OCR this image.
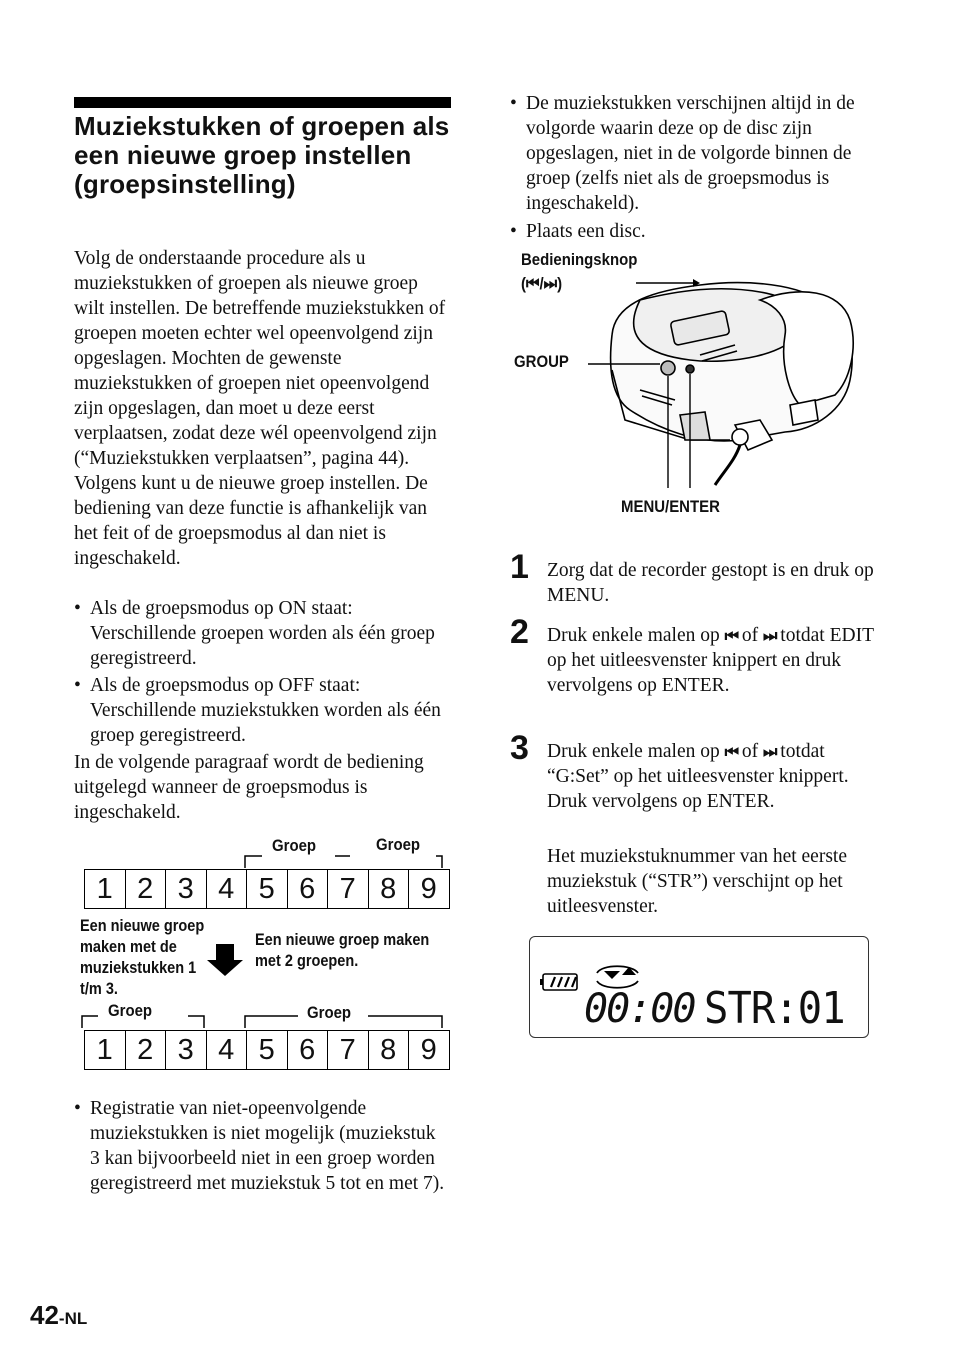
Muziekstukken of groepen als een nieuwe groep instellen (groepsinstelling)
Volg de onderstaande procedure als u muziekstukken of groepen als nieuwe groep wilt instellen. De betreffende muziekstukken of groepen moeten echter wel opeenvolgend zijn opgeslagen. Mochten de gewenste muziekstukken of groepen niet opeenvolgend zijn opgeslagen, dan moet u deze eerst verplaatsen, zodat deze wél opeenvolgend zijn (“Muziekstukken verplaatsen”, pagina 44). Volgens kunt u de nieuwe groep instellen. De bediening van deze functie is afhankelijk van het feit of de groepsmodus al dan niet is ingeschakeld.
• Als de groepsmodus op ON staat: Verschillende groepen worden als één groep geregistreerd.
• Als de groepsmodus op OFF staat: Verschillende muziekstukken worden als één groep geregistreerd.
In de volgende paragraaf wordt de bediening uitgelegd wanneer de groepsmodus is ingeschakeld.
Groep	Groep
1 2 3 4 5 6 7 8 9
Een nieuwe groep maken met de muziekstukken 1 t/m 3.
Een nieuwe groep maken met 2 groepen.
Groep	Groep
1 2 3 4 5 6 7 8 9
• Registratie van niet-opeenvolgende muziekstukken is niet mogelijk (muziekstuk 3 kan bijvoorbeeld niet in een groep worden geregistreerd met muziekstuk 5 tot en met 7).
• De muziekstukken verschijnen altijd in de volgorde waarin deze op de disc zijn opgeslagen, niet in de volgorde binnen de groep (zelfs niet als de groepsmodus is ingeschakeld).
• Plaats een disc.
Bedieningsknop
(⏮/⏭)
GROUP
MENU/ENTER
1 Zorg dat de recorder gestopt is en druk op MENU.
2 Druk enkele malen op ⏮ of ⏭ totdat EDIT op het uitleesvenster knippert en druk vervolgens op ENTER.
3 Druk enkele malen op ⏮ of ⏭ totdat “G:Set” op het uitleesvenster knippert. Druk vervolgens op ENTER.
Het muziekstuknummer van het eerste muziekstuk (“STR”) verschijnt op het uitleesvenster.
00:00 STR:01
42-NL
